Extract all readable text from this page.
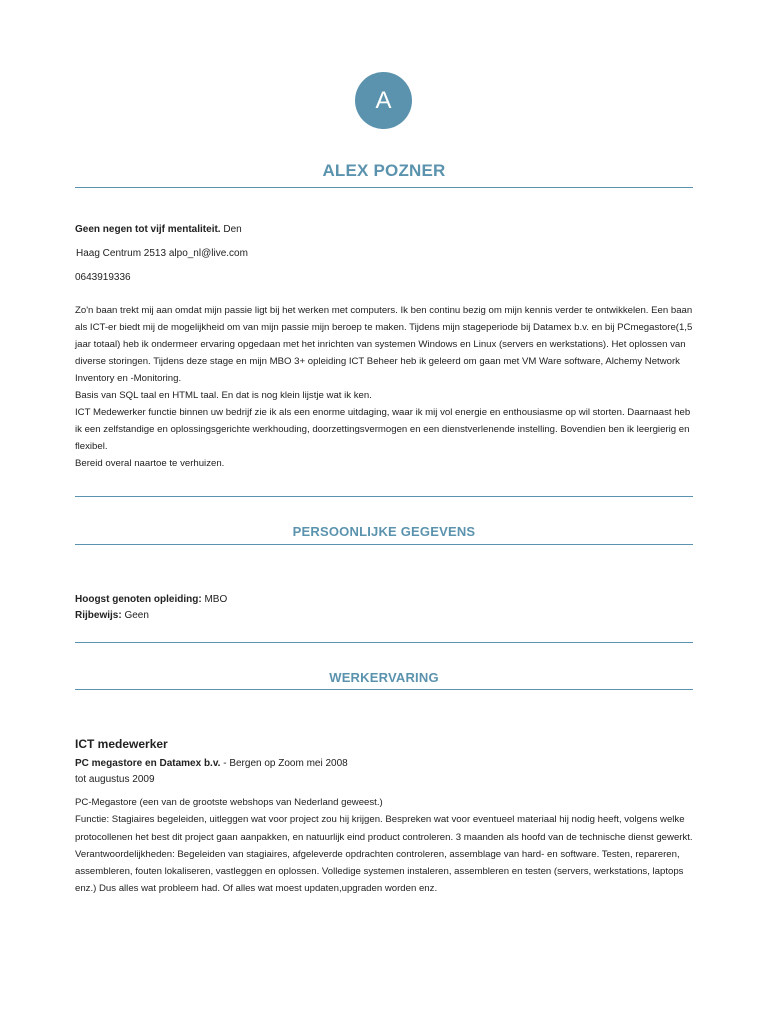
A
ALEX POZNER
Geen negen tot vijf mentaliteit. Den
Haag Centrum 2513 alpo_nl@live.com
0643919336

Zo'n baan trekt mij aan omdat mijn passie ligt bij het werken met computers. Ik ben continu bezig om mijn kennis verder te ontwikkelen. Een baan als ICT-er biedt mij de mogelijkheid om van mijn passie mijn beroep te maken. Tijdens mijn stageperiode bij Datamex b.v. en bij PCmegastore(1,5 jaar totaal) heb ik ondermeer ervaring opgedaan met het inrichten van systemen Windows en Linux (servers en werkstations). Het oplossen van diverse storingen. Tijdens deze stage en mijn MBO 3+ opleiding ICT Beheer heb ik geleerd om gaan met VM Ware software, Alchemy Network Inventory en -Monitoring.

Basis van SQL taal en HTML taal. En dat is nog klein lijstje wat ik ken.

ICT Medewerker functie binnen uw bedrijf zie ik als een enorme uitdaging, waar ik mij vol energie en enthousiasme op wil storten. Daarnaast heb ik een zelfstandige en oplossingsgerichte werkhouding, doorzettingsvermogen en een dienstverlenende instelling. Bovendien ben ik leergierig en flexibel.

Bereid overal naartoe te verhuizen.

PERSOONLIJKE GEGEVENS
Hoogst genoten opleiding: MBO
Rijbewijs: Geen
WERKERVARING
ICT medewerker
PC megastore en Datamex b.v. - Bergen op Zoom mei 2008
tot augustus 2009

PC-Megastore (een van de grootste webshops van Nederland geweest.)

Functie: Stagiaires begeleiden, uitleggen wat voor project zou hij krijgen. Bespreken wat voor eventueel materiaal hij nodig heeft, volgens welke protocollenen het best dit project gaan aanpakken, en natuurlijk eind product controleren. 3 maanden als hoofd van de technische dienst gewerkt.

Verantwoordelijkheden: Begeleiden van stagiaires, afgeleverde opdrachten controleren, assemblage van hard- en software. Testen, repareren, assembleren, fouten lokaliseren, vastleggen en oplossen. Volledige systemen instaleren, assembleren en testen (servers, werkstations, laptops enz.) Dus alles wat probleem had. Of alles wat moest updaten,upgraden worden enz.
